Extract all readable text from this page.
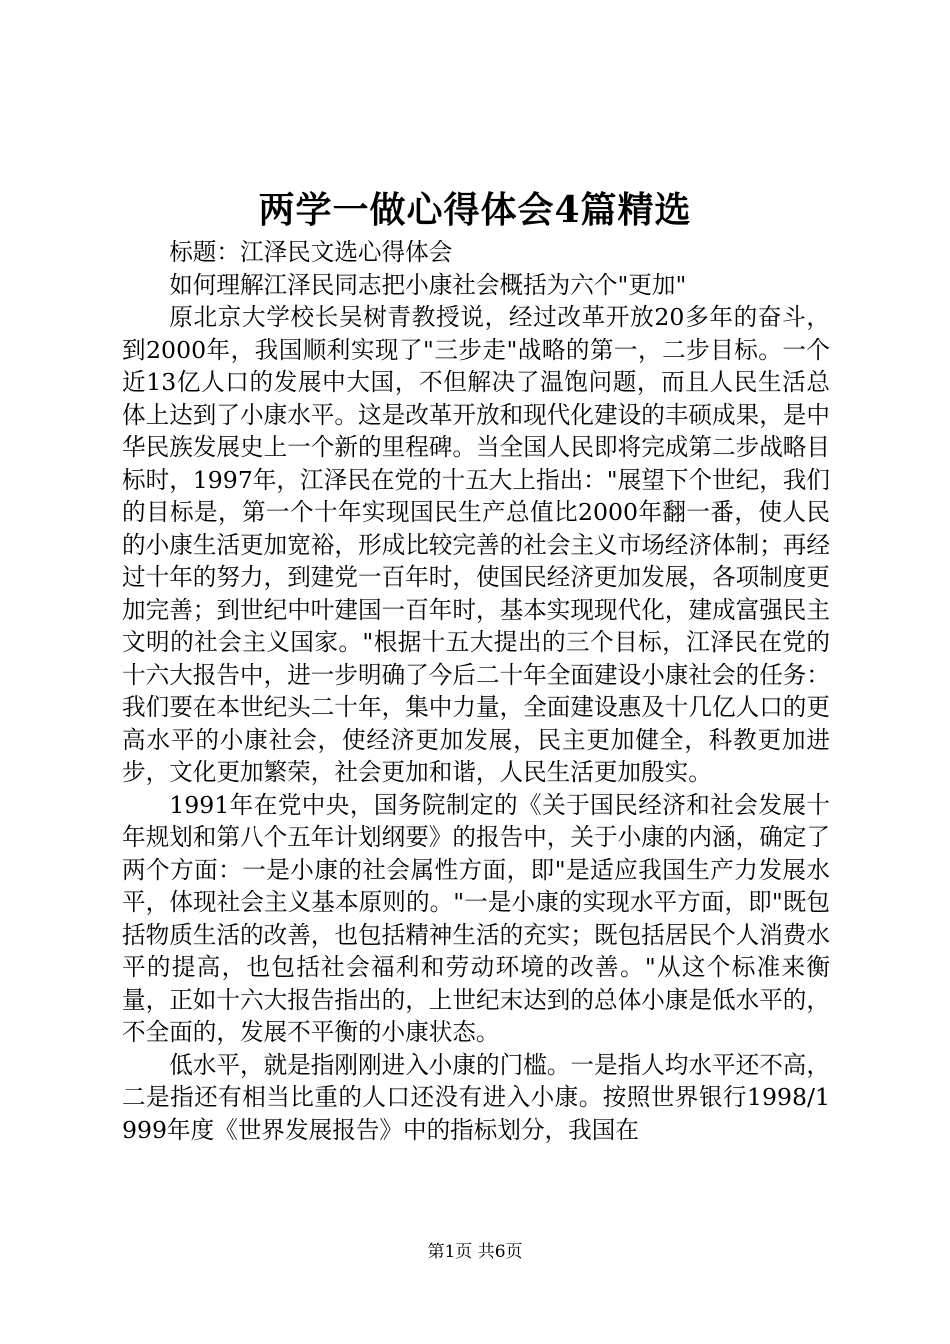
两学一做心得体会4篇精选

标题：江泽民文选心得体会

如何理解江泽民同志把小康社会概括为六个"更加"

原北京大学校长吴树青教授说，经过改革开放20多年的奋斗，到2000年，我国顺利实现了"三步走"战略的第一，二步目标。一个近13亿人口的发展中大国，不但解决了温饱问题，而且人民生活总体上达到了小康水平。这是改革开放和现代化建设的丰硕成果，是中华民族发展史上一个新的里程碑。当全国人民即将完成第二步战略目标时，1997年，江泽民在党的十五大上指出："展望下个世纪，我们的目标是，第一个十年实现国民生产总值比2000年翻一番，使人民的小康生活更加宽裕，形成比较完善的社会主义市场经济体制；再经过十年的努力，到建党一百年时，使国民经济更加发展，各项制度更加完善；到世纪中叶建国一百年时，基本实现现代化，建成富强民主文明的社会主义国家。"根据十五大提出的三个目标，江泽民在党的十六大报告中，进一步明确了今后二十年全面建设小康社会的任务：我们要在本世纪头二十年，集中力量，全面建设惠及十几亿人口的更高水平的小康社会，使经济更加发展，民主更加健全，科教更加进步，文化更加繁荣，社会更加和谐，人民生活更加殷实。

1991年在党中央，国务院制定的《关于国民经济和社会发展十年规划和第八个五年计划纲要》的报告中，关于小康的内涵，确定了两个方面：一是小康的社会属性方面，即"是适应我国生产力发展水平，体现社会主义基本原则的。"一是小康的实现水平方面，即"既包括物质生活的改善，也包括精神生活的充实；既包括居民个人消费水平的提高，也包括社会福利和劳动环境的改善。"从这个标准来衡量，正如十六大报告指出的，上世纪末达到的总体小康是低水平的，不全面的，发展不平衡的小康状态。

低水平，就是指刚刚进入小康的门槛。一是指人均水平还不高，二是指还有相当比重的人口还没有进入小康。按照世界银行1998/1999年度《世界发展报告》中的指标划分，我国在

第1页 共6页
